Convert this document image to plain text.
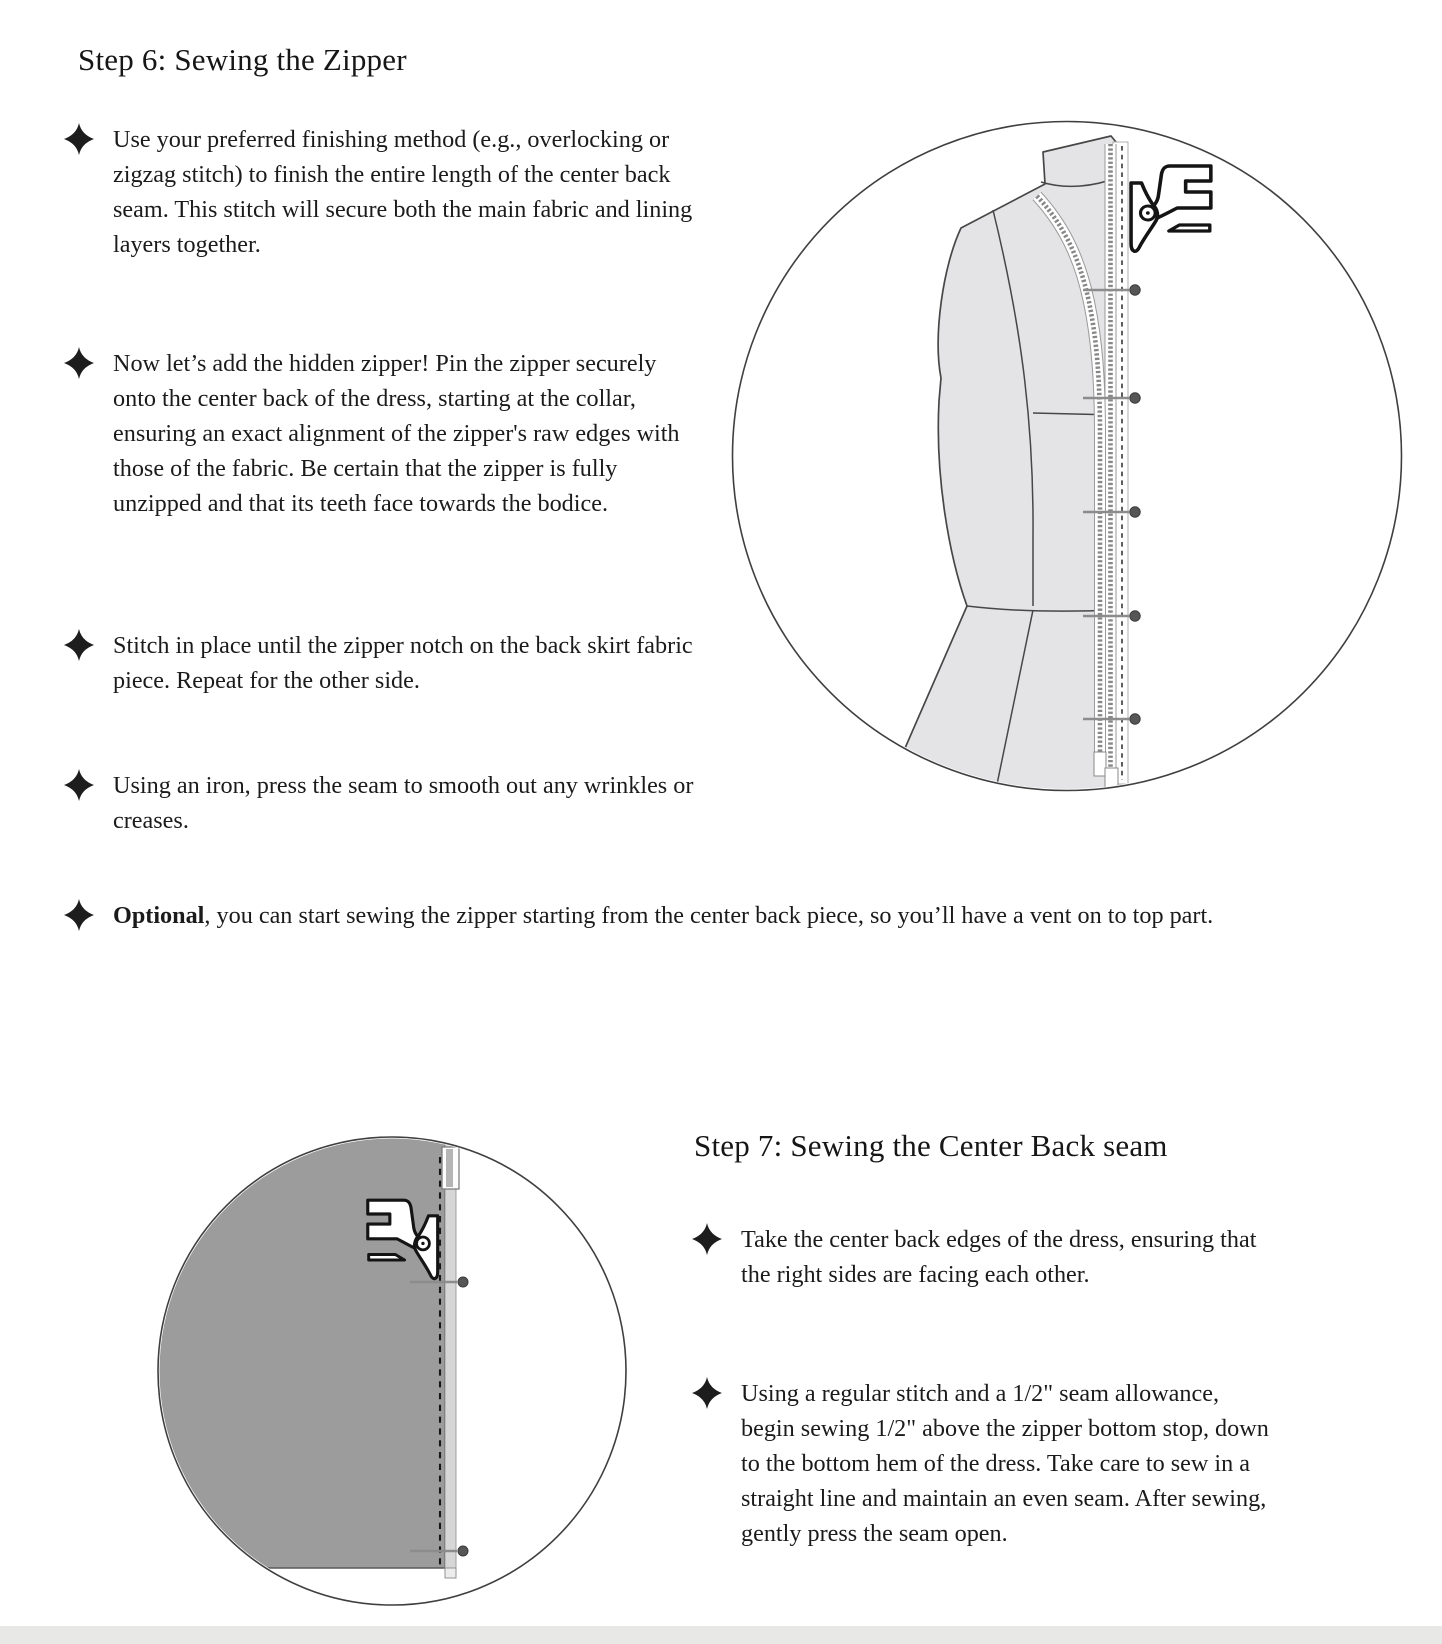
Step 6: Sewing the Zipper
Use your preferred finishing method (e.g., overlocking or zigzag stitch) to finish the entire length of the center back seam. This stitch will secure both the main fabric and lining layers together.
Now let’s add the hidden zipper! Pin the zipper securely onto the center back of the dress, starting at the collar, ensuring an exact alignment of the zipper's raw edges with those of the fabric. Be certain that the zipper is fully unzipped and that its teeth face towards the bodice.
Stitch in place until the zipper notch on the back skirt fabric piece. Repeat for the other side.
Using an iron, press the seam to smooth out any wrinkles or creases.
Optional, you can start sewing the zipper starting from the center back piece, so you’ll have a vent on to top part.
Step 7: Sewing the Center Back seam
Take the center back edges of the dress, ensuring that the right sides are facing each other.
Using a regular stitch and a 1/2" seam allowance, begin sewing 1/2" above the zipper bottom stop, down to the bottom hem of the dress. Take care to sew in a straight line and maintain an even seam. After sewing, gently press the seam open.
